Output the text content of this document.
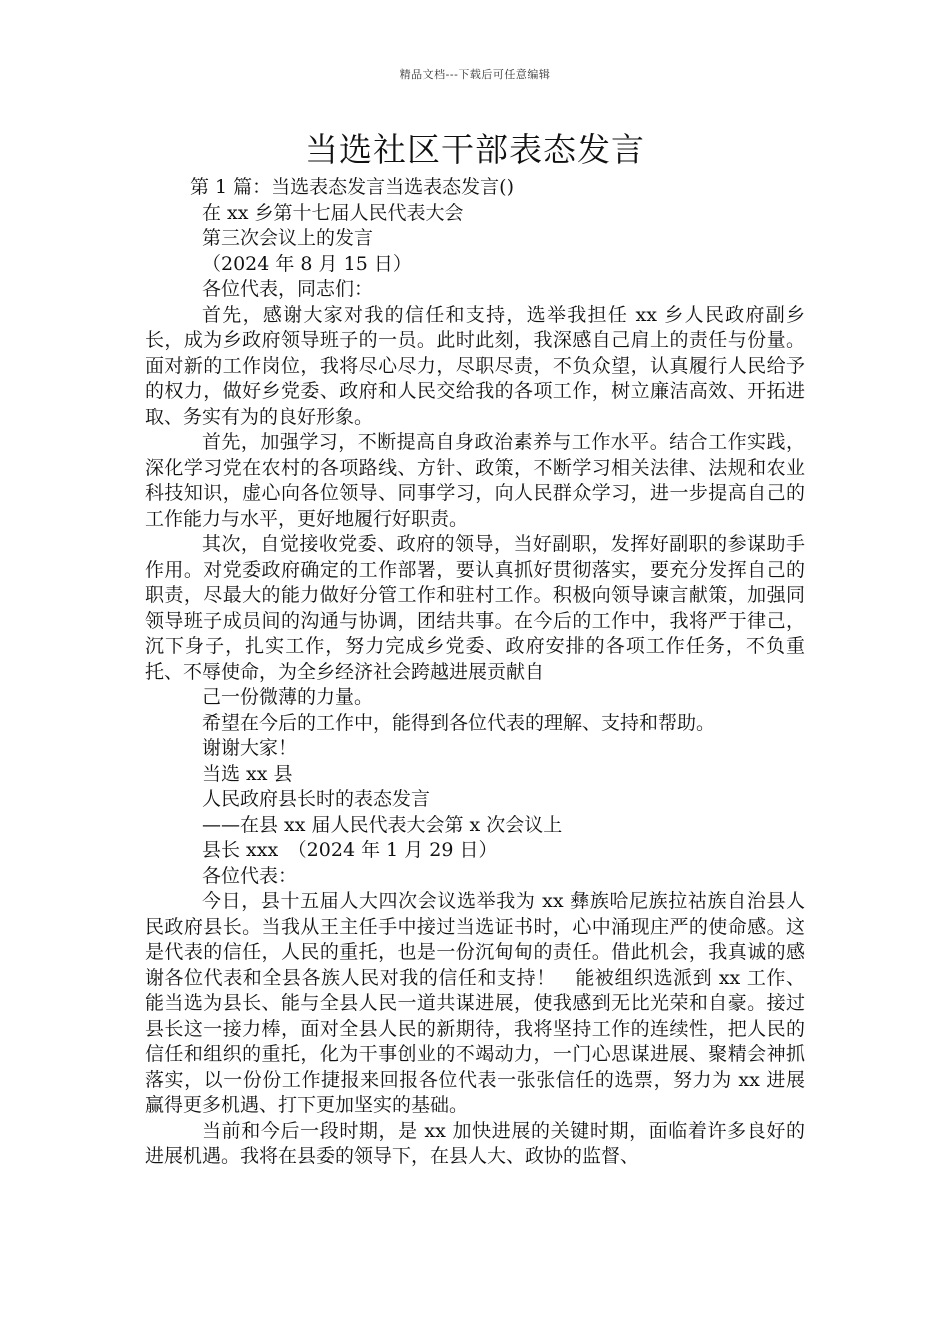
精品文档---下载后可任意编辑
当选社区干部表态发言
第 1 篇：当选表态发言当选表态发言()
在 xx 乡第十七届人民代表大会
第三次会议上的发言
（2024 年 8 月 15 日）
各位代表，同志们：
首先，感谢大家对我的信任和支持，选举我担任 xx 乡人民政府副乡长，成为乡政府领导班子的一员。此时此刻，我深感自己肩上的责任与份量。面对新的工作岗位，我将尽心尽力，尽职尽责，不负众望，认真履行人民给予的权力，做好乡党委、政府和人民交给我的各项工作，树立廉洁高效、开拓进取、务实有为的良好形象。
首先，加强学习，不断提高自身政治素养与工作水平。结合工作实践，深化学习党在农村的各项路线、方针、政策，不断学习相关法律、法规和农业科技知识，虚心向各位领导、同事学习，向人民群众学习，进一步提高自己的工作能力与水平，更好地履行好职责。
其次，自觉接收党委、政府的领导，当好副职，发挥好副职的参谋助手作用。对党委政府确定的工作部署，要认真抓好贯彻落实，要充分发挥自己的职责，尽最大的能力做好分管工作和驻村工作。积极向领导谏言献策，加强同领导班子成员间的沟通与协调，团结共事。在今后的工作中，我将严于律己，沉下身子，扎实工作，努力完成乡党委、政府安排的各项工作任务，不负重托、不辱使命，为全乡经济社会跨越进展贡献自
己一份微薄的力量。
希望在今后的工作中，能得到各位代表的理解、支持和帮助。
谢谢大家！
当选 xx 县
人民政府县长时的表态发言
——在县 xx 届人民代表大会第 x 次会议上
县长 xxx　（2024 年 1 月 29 日）
各位代表：
今日，县十五届人大四次会议选举我为 xx 彝族哈尼族拉祜族自治县人民政府县长。当我从王主任手中接过当选证书时，心中涌现庄严的使命感。这是代表的信任，人民的重托，也是一份沉甸甸的责任。借此机会，我真诚的感谢各位代表和全县各族人民对我的信任和支持！　能被组织选派到 xx 工作、能当选为县长、能与全县人民一道共谋进展，使我感到无比光荣和自豪。接过县长这一接力棒，面对全县人民的新期待，我将坚持工作的连续性，把人民的信任和组织的重托，化为干事创业的不竭动力，一门心思谋进展、聚精会神抓落实，以一份份工作捷报来回报各位代表一张张信任的选票，努力为 xx 进展赢得更多机遇、打下更加坚实的基础。
当前和今后一段时期，是 xx 加快进展的关键时期，面临着许多良好的进展机遇。我将在县委的领导下，在县人大、政协的监督、
